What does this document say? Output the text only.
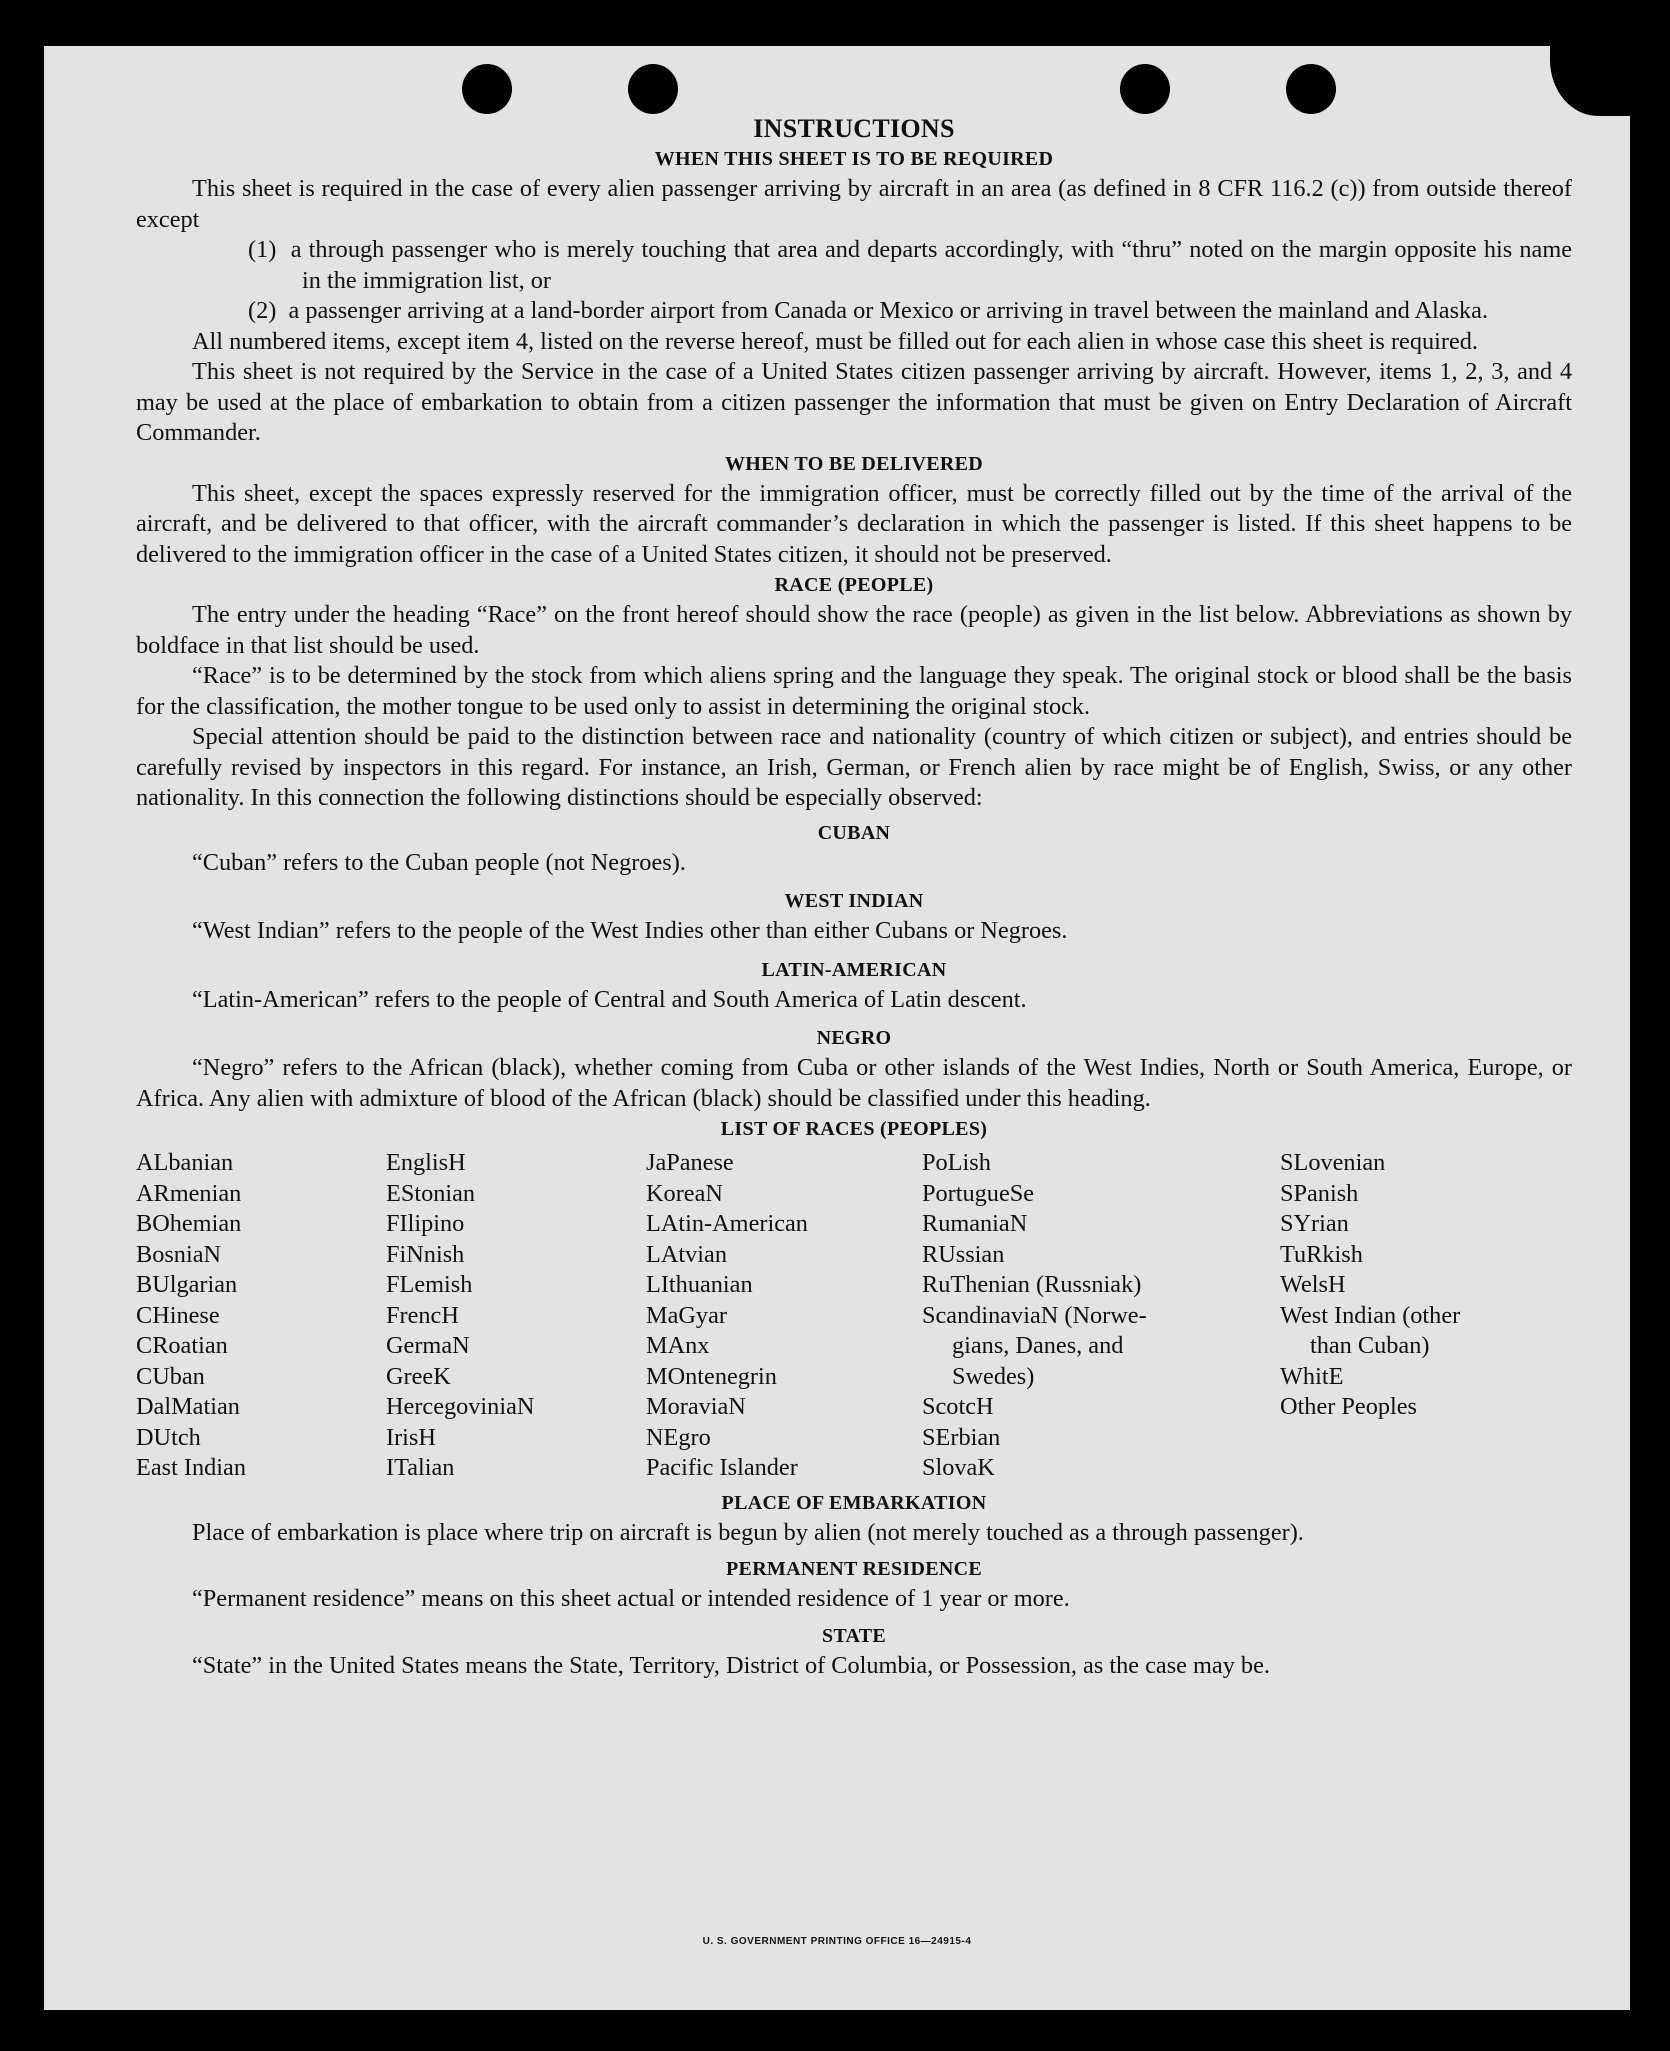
INSTRUCTIONS
WHEN THIS SHEET IS TO BE REQUIRED

This sheet is required in the case of every alien passenger arriving by aircraft in an area (as defined in 8 CFR 116.2 (c)) from outside thereof except

(1)  a through passenger who is merely touching that area and departs accordingly, with “thru” noted on the margin opposite his name in the immigration list, or

(2)  a passenger arriving at a land-border airport from Canada or Mexico or arriving in travel between the mainland and Alaska.

All numbered items, except item 4, listed on the reverse hereof, must be filled out for each alien in whose case this sheet is required.

This sheet is not required by the Service in the case of a United States citizen passenger arriving by aircraft. However, items 1, 2, 3, and 4 may be used at the place of embarkation to obtain from a citizen passenger the information that must be given on Entry Declaration of Aircraft Commander.

WHEN TO BE DELIVERED

This sheet, except the spaces expressly reserved for the immigration officer, must be correctly filled out by the time of the arrival of the aircraft, and be delivered to that officer, with the aircraft commander’s declaration in which the passenger is listed. If this sheet happens to be delivered to the immigration officer in the case of a United States citizen, it should not be preserved.

RACE (PEOPLE)

The entry under the heading “Race” on the front hereof should show the race (people) as given in the list below. Abbreviations as shown by boldface in that list should be used.

“Race” is to be determined by the stock from which aliens spring and the language they speak. The original stock or blood shall be the basis for the classification, the mother tongue to be used only to assist in determining the original stock.

Special attention should be paid to the distinction between race and nationality (country of which citizen or subject), and entries should be carefully revised by inspectors in this regard. For instance, an Irish, German, or French alien by race might be of English, Swiss, or any other nationality. In this connection the following distinctions should be especially observed:

CUBAN

“Cuban” refers to the Cuban people (not Negroes).

WEST INDIAN

“West Indian” refers to the people of the West Indies other than either Cubans or Negroes.

LATIN-AMERICAN

“Latin-American” refers to the people of Central and South America of Latin descent.

NEGRO

“Negro” refers to the African (black), whether coming from Cuba or other islands of the West Indies, North or South America, Europe, or Africa. Any alien with admixture of blood of the African (black) should be classified under this heading.

LIST OF RACES (PEOPLES)
ALbanian
ARmenian
BOhemian
BosniaN
BUlgarian
CHinese
CRoatian
CUban
DalMatian
DUtch
East Indian
EnglisH
EStonian
FIlipino
FiNnish
FLemish
FrencH
GermaN
GreeK
HercegoviniaN
IrisH
ITalian
JaPanese
KoreaN
LAtin-American
LAtvian
LIthuanian
MaGyar
MAnx
MOntenegrin
MoraviaN
NEgro
Pacific Islander
PoLish
PortugueSe
RumaniaN
RUssian
RuThenian (Russniak)
ScandinaviaN (Norwe-
gians, Danes, and
Swedes)
ScotcH
SErbian
SlovaK
SLovenian
SPanish
SYrian
TuRkish
WelsH
West Indian (other
than Cuban)
WhitE
Other Peoples
PLACE OF EMBARKATION

Place of embarkation is place where trip on aircraft is begun by alien (not merely touched as a through passenger).

PERMANENT RESIDENCE

“Permanent residence” means on this sheet actual or intended residence of 1 year or more.

STATE

“State” in the United States means the State, Territory, District of Columbia, or Possession, as the case may be.

U. S. GOVERNMENT PRINTING OFFICE 16—24915-4
